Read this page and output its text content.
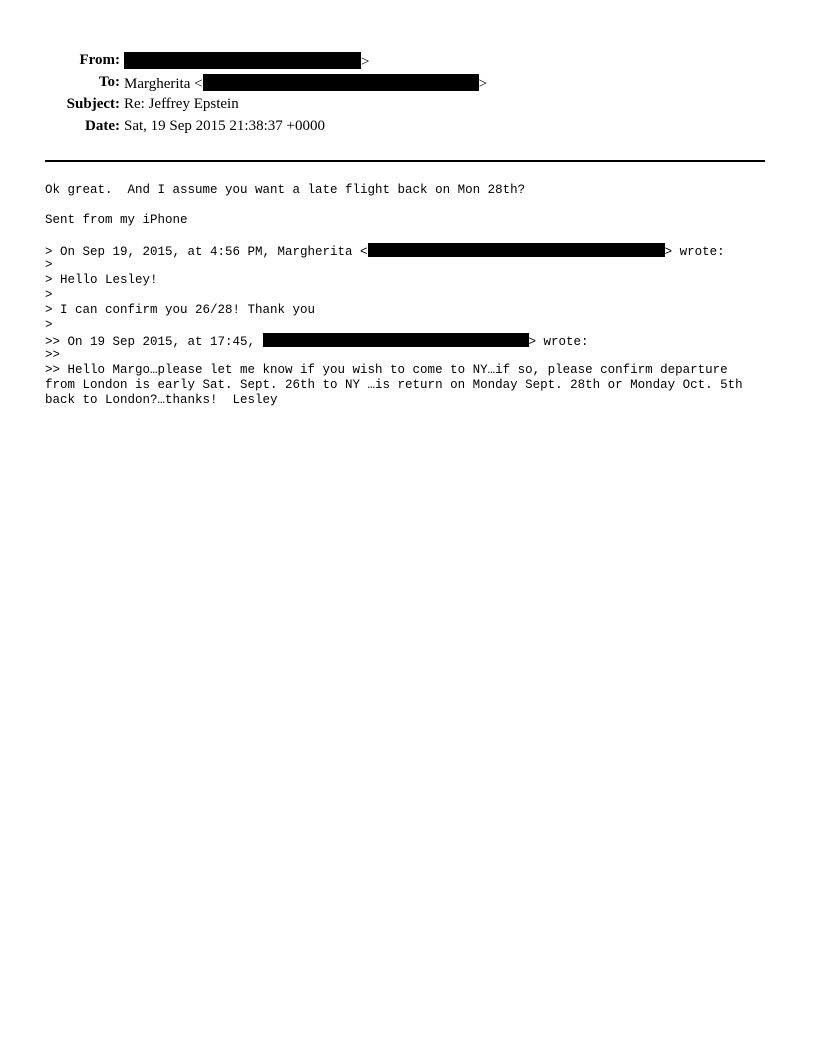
From:	>
To: Margherita <	>
Subject: Re: Jeffrey Epstein
Date: Sat, 19 Sep 2015 21:38:37 +0000
Ok great.  And I assume you want a late flight back on Mon 28th?
Sent from my iPhone
> On Sep 19, 2015, at 4:56 PM, Margherita <	> wrote:
>
> Hello Lesley!
>
> I can confirm you 26/28! Thank you
>
>> On 19 Sep 2015, at 17:45,	> wrote:
>>
>> Hello Margo…please let me know if you wish to come to NY…if so, please confirm departure
from London is early Sat. Sept. 26th to NY …is return on Monday Sept. 28th or Monday Oct. 5th
back to London?…thanks!  Lesley
